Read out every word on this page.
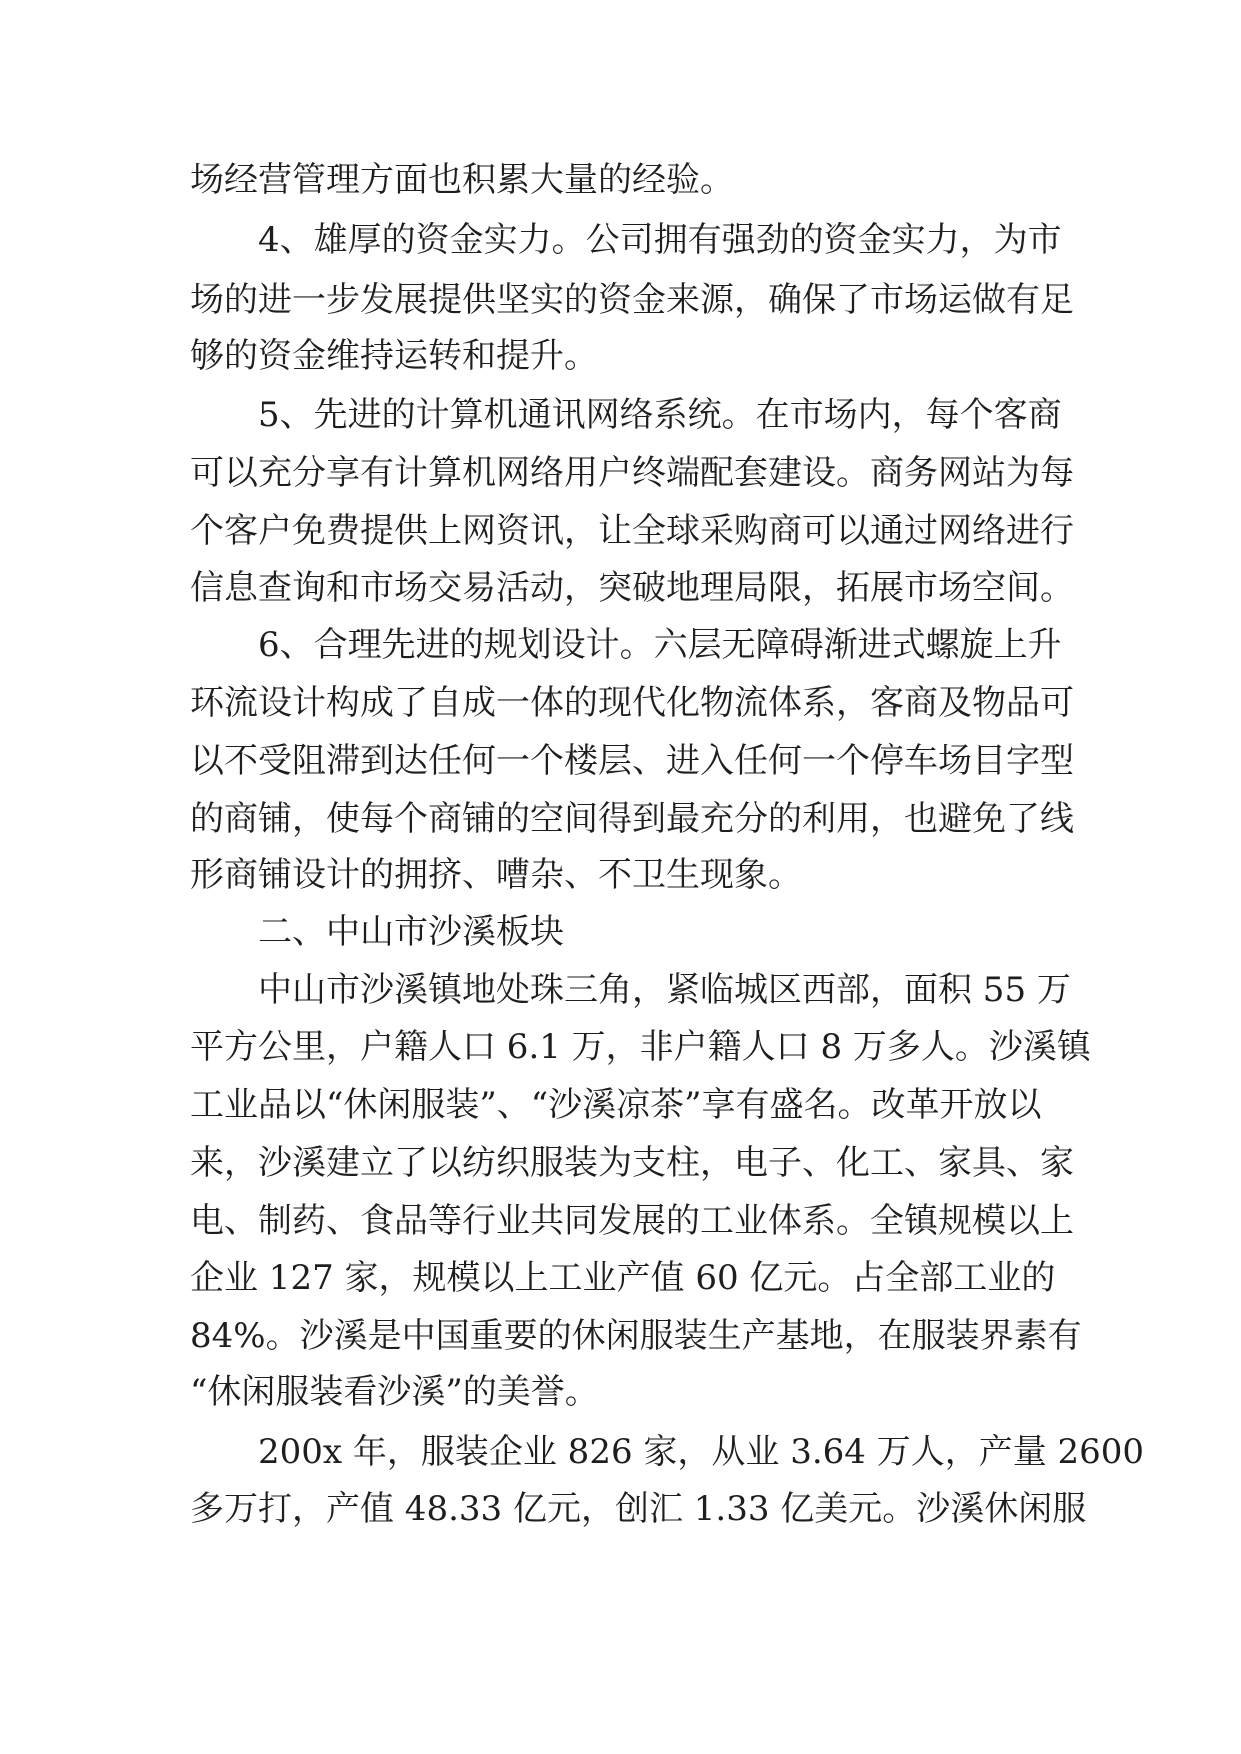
场经营管理方面也积累大量的经验。
4、雄厚的资金实力。公司拥有强劲的资金实力，为市
场的进一步发展提供坚实的资金来源，确保了市场运做有足
够的资金维持运转和提升。
5、先进的计算机通讯网络系统。在市场内，每个客商
可以充分享有计算机网络用户终端配套建设。商务网站为每
个客户免费提供上网资讯，让全球采购商可以通过网络进行
信息查询和市场交易活动，突破地理局限，拓展市场空间。
6、合理先进的规划设计。六层无障碍渐进式螺旋上升
环流设计构成了自成一体的现代化物流体系，客商及物品可
以不受阻滞到达任何一个楼层、进入任何一个停车场目字型
的商铺，使每个商铺的空间得到最充分的利用，也避免了线
形商铺设计的拥挤、嘈杂、不卫生现象。
二、中山市沙溪板块
中山市沙溪镇地处珠三角，紧临城区西部，面积 55 万
平方公里，户籍人口 6.1 万，非户籍人口 8 万多人。沙溪镇
工业品以“休闲服装”、“沙溪凉茶”享有盛名。改革开放以
来，沙溪建立了以纺织服装为支柱，电子、化工、家具、家
电、制药、食品等行业共同发展的工业体系。全镇规模以上
企业 127 家，规模以上工业产值 60 亿元。占全部工业的
84%。沙溪是中国重要的休闲服装生产基地，在服装界素有
“休闲服装看沙溪”的美誉。
200x 年，服装企业 826 家，从业 3.64 万人，产量 2600
多万打，产值 48.33 亿元，创汇 1.33 亿美元。沙溪休闲服
